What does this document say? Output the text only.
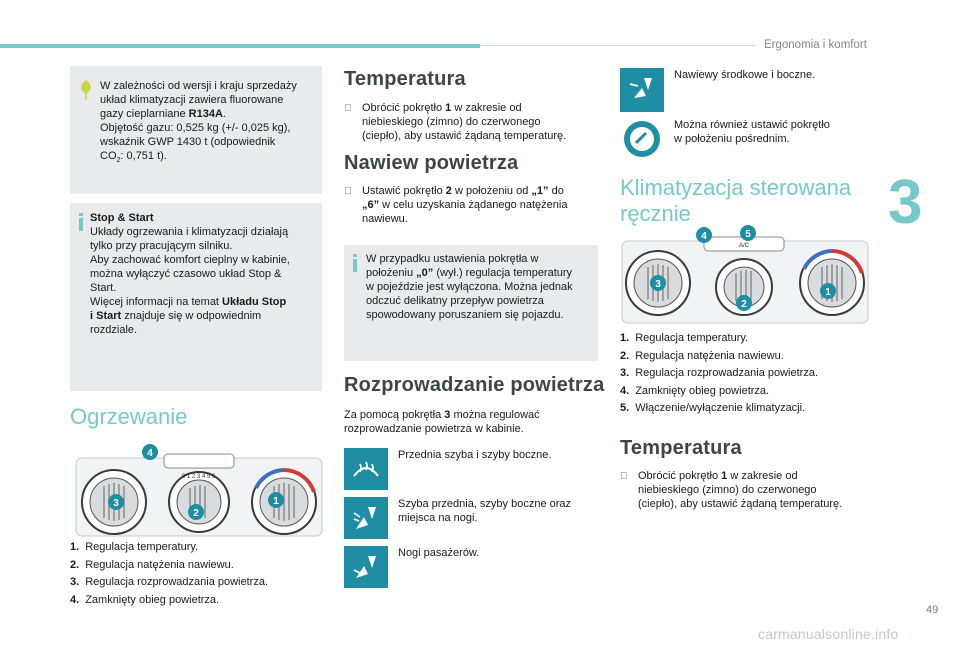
Ergonomia i komfort
3
W zależności od wersji i kraju sprzedaży
układ klimatyzacji zawiera fluorowane
gazy cieplarniane R134A.
Objętość gazu: 0,525 kg (+/- 0,025 kg),
wskaźnik GWP 1430 t (odpowiednik
$CO_2$: 0,751 t).
Stop & Start
Układy ogrzewania i klimatyzacji działają
tylko przy pracującym silniku.
Aby zachować komfort cieplny w kabinie,
można wyłączyć czasowo układ Stop &
Start.
Więcej informacji na temat Układu Stop
i Start znajduje się w odpowiednim
rozdziale.
Ogrzewanie
0 1 2 3 4 5 6
4
3
2
1
1. Regulacja temperatury.
2. Regulacja natężenia nawiewu.
3. Regulacja rozprowadzania powietrza.
4. Zamknięty obieg powietrza.
Temperatura
Obrócić pokrętło 1 w zakresie od
niebieskiego (zimno) do czerwonego
(ciepło), aby ustawić żądaną temperaturę.
Nawiew powietrza
Ustawić pokrętło 2 w położeniu od „1” do
„6” w celu uzyskania żądanego natężenia
nawiewu.
W przypadku ustawienia pokrętła w
położeniu „0” (wył.) regulacja temperatury
w pojeździe jest wyłączona. Można jednak
odczuć delikatny przepływ powietrza
spowodowany poruszaniem się pojazdu.
Rozprowadzanie powietrza
Za pomocą pokrętła 3 można regulować
rozprowadzanie powietrza w kabinie.
Przednia szyba i szyby boczne.
Szyba przednia, szyby boczne oraz
miejsca na nogi.
Nogi pasażerów.
Nawiewy środkowe i boczne.
Można również ustawić pokrętło
w położeniu pośrednim.
Klimatyzacja sterowana
ręcznie
A/C
4	5
3
2
1
1. Regulacja temperatury.
2. Regulacja natężenia nawiewu.
3. Regulacja rozprowadzania powietrza.
4. Zamknięty obieg powietrza.
5. Włączenie/wyłączenie klimatyzacji.
Temperatura
Obrócić pokrętło 1 w zakresie od
niebieskiego (zimno) do czerwonego
(ciepło), aby ustawić żądaną temperaturę.
49
carmanualsonline.info
